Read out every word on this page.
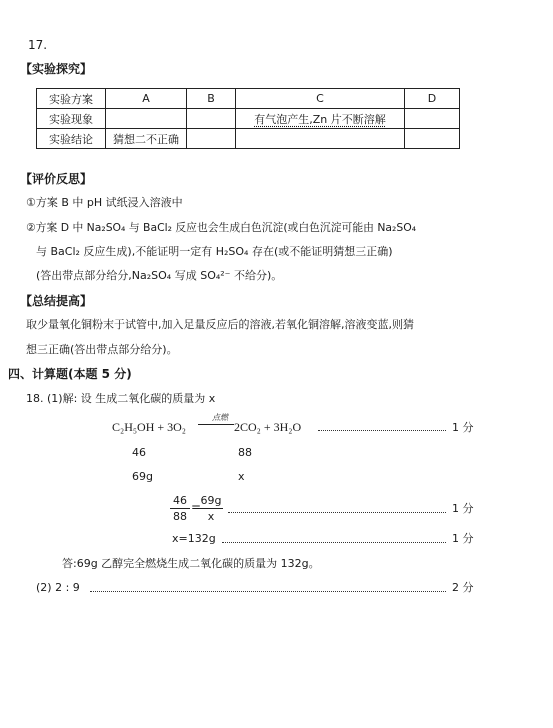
17.
【实验探究】
实验方案	A	B	C	D
实验现象			有气泡产生,Zn 片不断溶解	
实验结论	猜想二不正确			
【评价反思】
①方案 B 中 pH 试纸浸入溶液中
②方案 D 中 Na₂SO₄ 与 BaCl₂ 反应也会生成白色沉淀(或白色沉淀可能由 Na₂SO₄
与 BaCl₂ 反应生成),不能证明一定有 H₂SO₄ 存在(或不能证明猜想三正确)
(答出带点部分给分,Na₂SO₄ 写成 SO₄²⁻ 不给分)。
【总结提高】
取少量氧化铜粉末于试管中,加入足量反应后的溶液,若氧化铜溶解,溶液变蓝,则猜
想三正确(答出带点部分给分)。
四、计算题(本题 5 分)
18. (1)解: 设 生成二氧化碳的质量为 x
C₂H₅OH + 3O₂
点燃
2CO₂ + 3H₂O	1 分
46	88
69g	x
46
88
= 69g
x
1 分
x=132g	1 分
答:69g 乙醇完全燃烧生成二氧化碳的质量为 132g。
(2) 2 : 9	2 分
